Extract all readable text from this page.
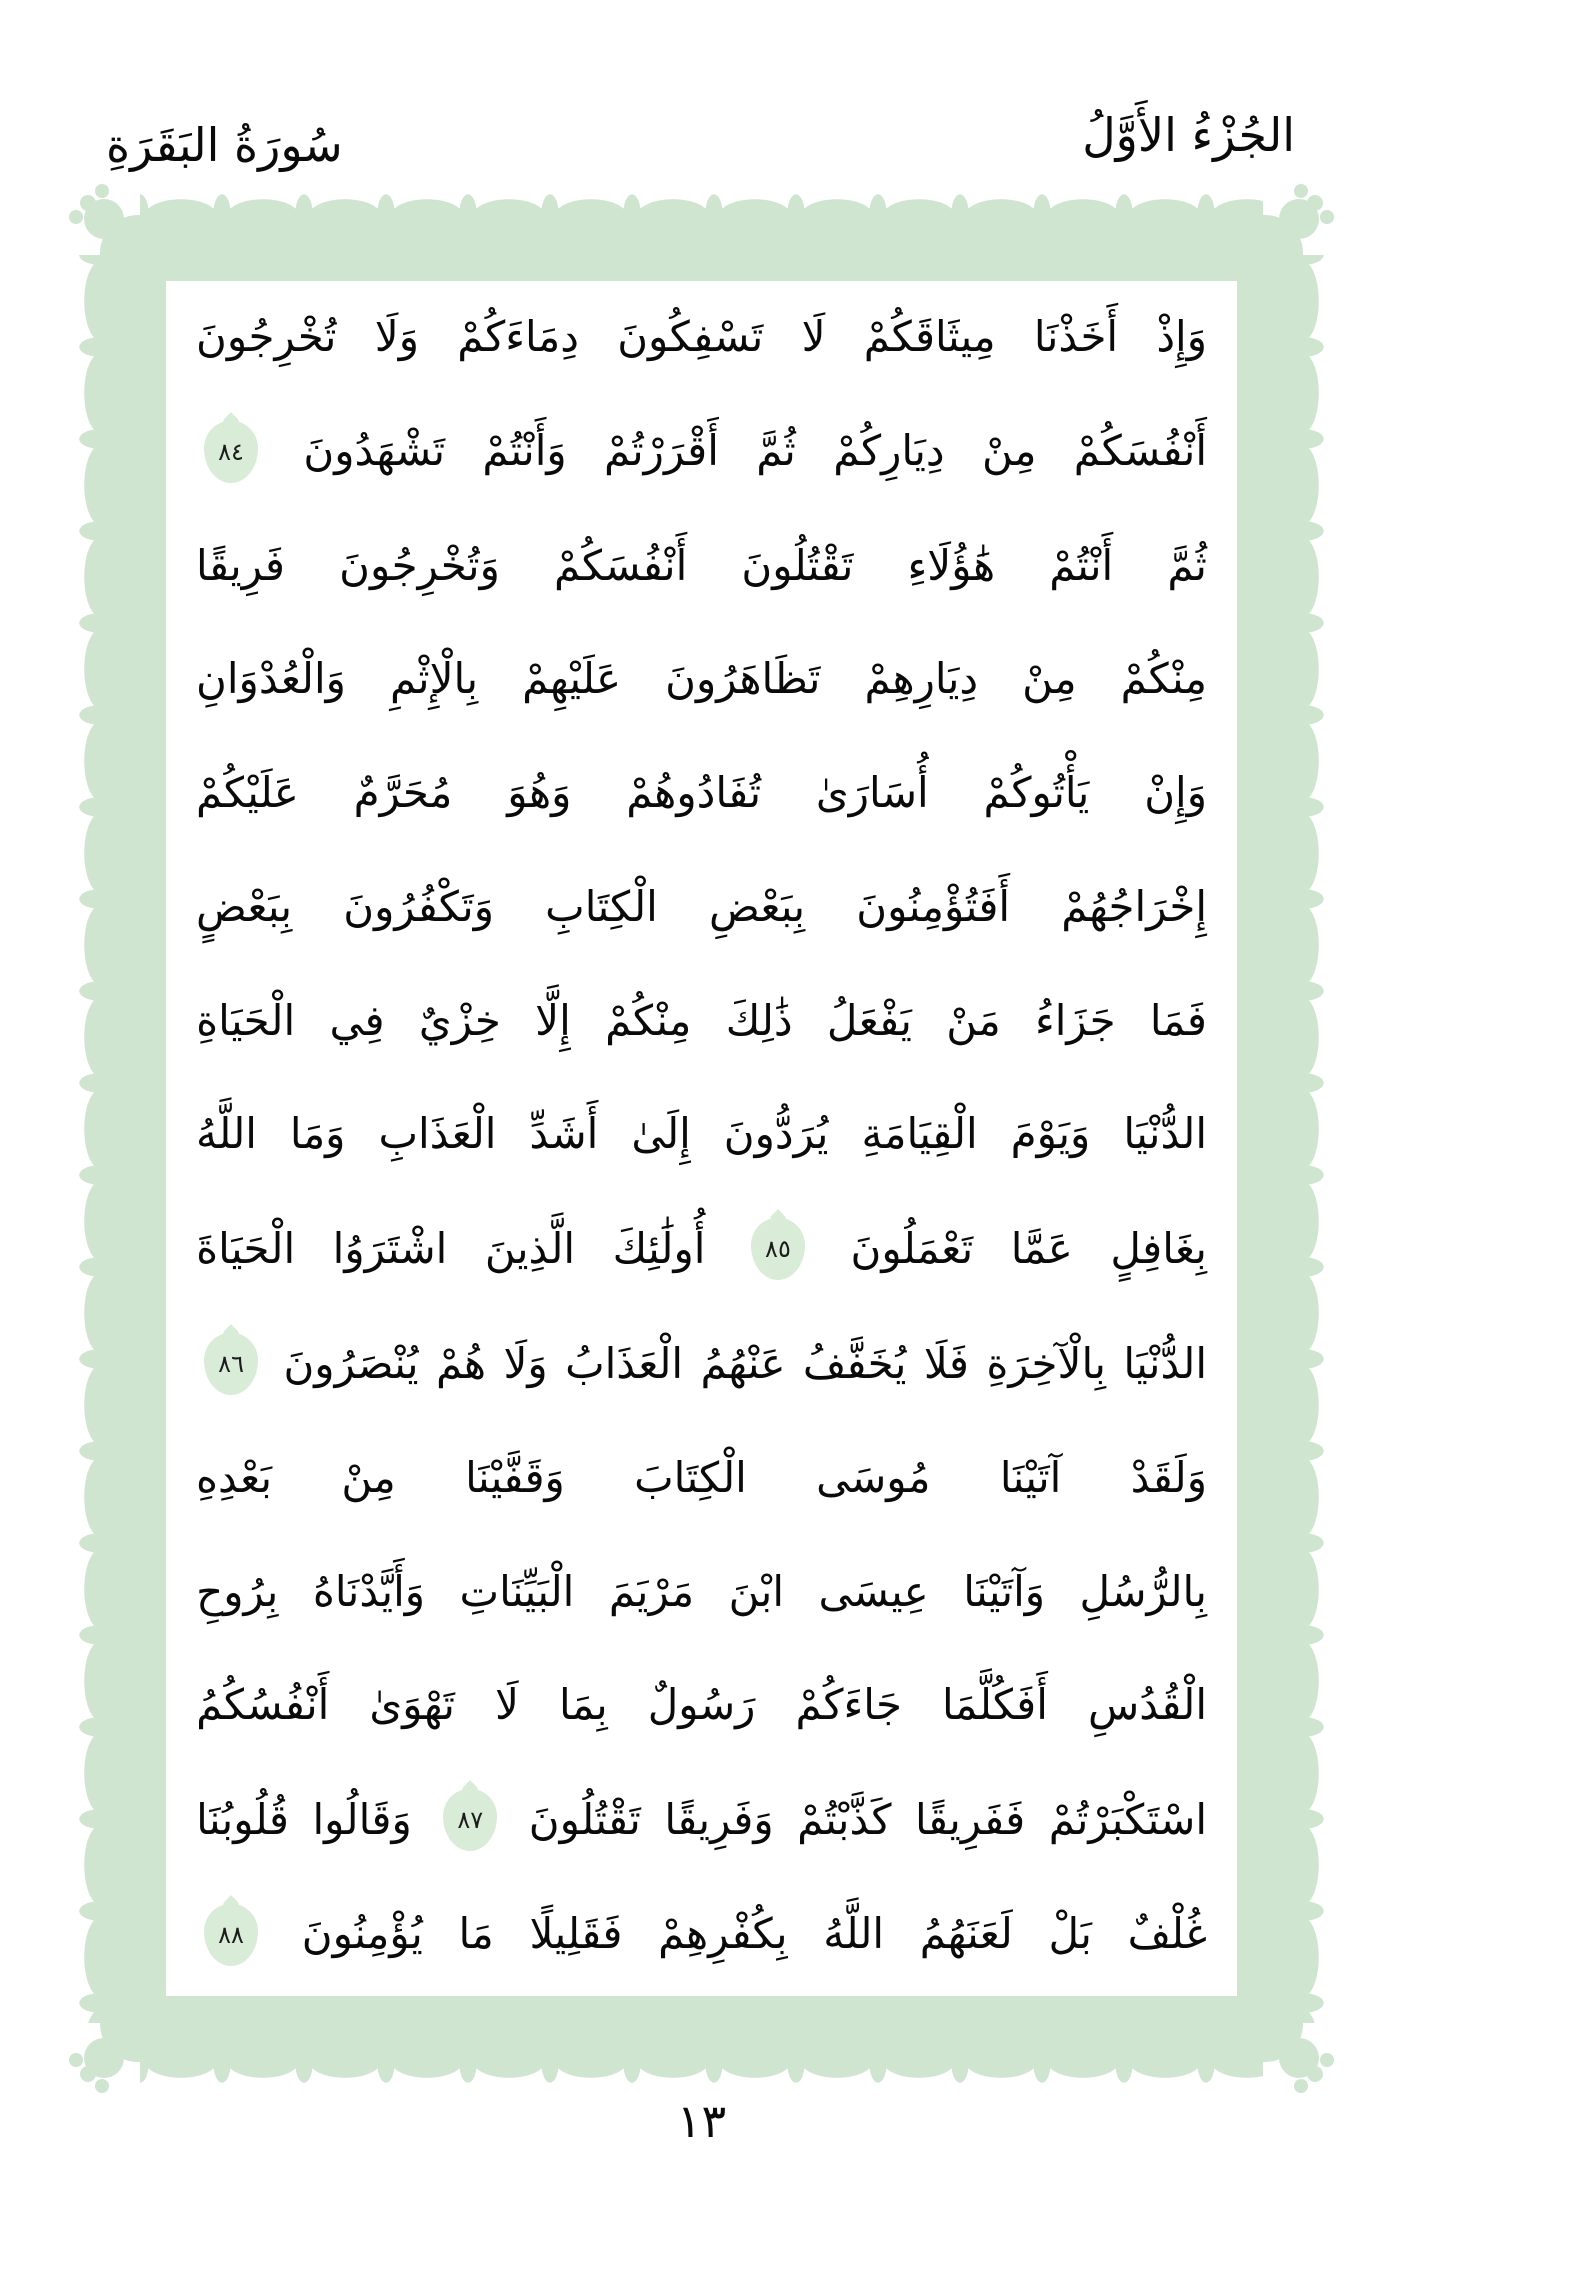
سُورَةُ البَقَرَةِ	الجُزْءُ الأَوَّلُ
وَإِذْ
أَخَذْنَا
مِيثَاقَكُمْ
لَا
تَسْفِكُونَ
دِمَاءَكُمْ
وَلَا
تُخْرِجُونَ
أَنْفُسَكُمْ
مِنْ
دِيَارِكُمْ
ثُمَّ
أَقْرَرْتُمْ
وَأَنْتُمْ
تَشْهَدُونَ
٨٤
ثُمَّ
أَنْتُمْ
هَٰؤُلَاءِ
تَقْتُلُونَ
أَنْفُسَكُمْ
وَتُخْرِجُونَ
فَرِيقًا
مِنْكُمْ
مِنْ
دِيَارِهِمْ
تَظَاهَرُونَ
عَلَيْهِمْ
بِالْإِثْمِ
وَالْعُدْوَانِ
وَإِنْ
يَأْتُوكُمْ
أُسَارَىٰ
تُفَادُوهُمْ
وَهُوَ
مُحَرَّمٌ
عَلَيْكُمْ
إِخْرَاجُهُمْ
أَفَتُؤْمِنُونَ
بِبَعْضِ
الْكِتَابِ
وَتَكْفُرُونَ
بِبَعْضٍ
فَمَا
جَزَاءُ
مَنْ
يَفْعَلُ
ذَٰلِكَ
مِنْكُمْ
إِلَّا
خِزْيٌ
فِي
الْحَيَاةِ
الدُّنْيَا
وَيَوْمَ
الْقِيَامَةِ
يُرَدُّونَ
إِلَىٰ
أَشَدِّ
الْعَذَابِ
وَمَا
اللَّهُ
بِغَافِلٍ
عَمَّا
تَعْمَلُونَ
٨٥
أُولَٰئِكَ
الَّذِينَ
اشْتَرَوُا
الْحَيَاةَ
الدُّنْيَا
بِالْآخِرَةِ
فَلَا
يُخَفَّفُ
عَنْهُمُ
الْعَذَابُ
وَلَا
هُمْ
يُنْصَرُونَ
٨٦
وَلَقَدْ
آتَيْنَا
مُوسَى
الْكِتَابَ
وَقَفَّيْنَا
مِنْ
بَعْدِهِ
بِالرُّسُلِ
وَآتَيْنَا
عِيسَى
ابْنَ
مَرْيَمَ
الْبَيِّنَاتِ
وَأَيَّدْنَاهُ
بِرُوحِ
الْقُدُسِ
أَفَكُلَّمَا
جَاءَكُمْ
رَسُولٌ
بِمَا
لَا
تَهْوَىٰ
أَنْفُسُكُمُ
اسْتَكْبَرْتُمْ
فَفَرِيقًا
كَذَّبْتُمْ
وَفَرِيقًا
تَقْتُلُونَ
٨٧
وَقَالُوا
قُلُوبُنَا
غُلْفٌ
بَلْ
لَعَنَهُمُ
اللَّهُ
بِكُفْرِهِمْ
فَقَلِيلًا
مَا
يُؤْمِنُونَ
٨٨
١٣
